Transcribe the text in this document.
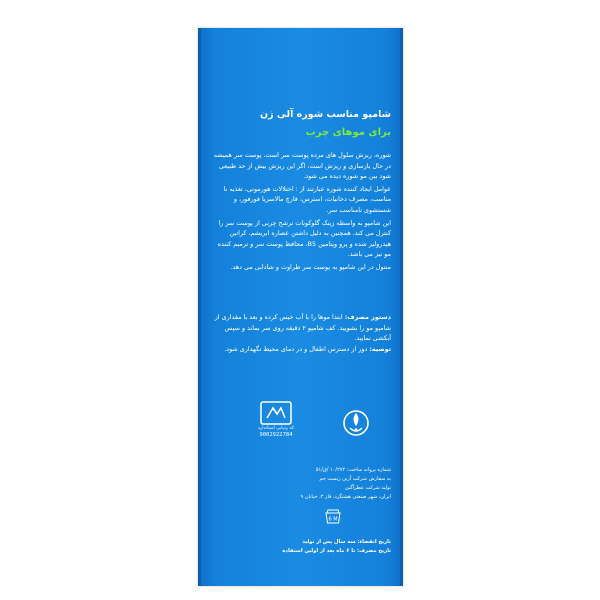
شامپو مناسب شوره آلی ژن
برای موهای چرب

شوره، ریزش سلول های مرده پوست سر است، پوست سر همیشه در حال بازسازی و ریزش است، اگر این ریزش بیش از حد طبیعی شود بین مو شوره دیده می شود.

عوامل ایجاد کننده شوره عبارتند از : اختلالات هورمونی، تغذیه نا مناسب، مصرف دخانیات، استرس، قارچ مالاسزیا فورفور، و شستشوی نامناسب سر.

این شامپو به واسطه زینک گلوکونات ترشح چربی از پوست سر را کنترل می کند، همچنین به دلیل داشتن عصاره ابریشم، کراتین هیدرولیز شده و پرو ویتامین B5، محافظ پوست سر و ترمیم کننده مو نیز می باشد.

منتول در این شامپو به پوست سر طراوت و شادابی می دهد.

دستور مصرف: ابتدا موها را با آب خیس کرده و بعد با مقداری از شامپو مو را بشویید. کف شامپو ۲ دقیقه روی سر بماند و سپس آبکشی نمایید.

توصیه: دور از دسترس اطفال و در دمای محیط نگهداری شود.

کد ردیابی استاندارد
9002922784

شماره پروانه ساخت: ۱۰/۲۷۲ /ق/۵۱

به سفارش شرکت آرین زیست جم

تولید شرکت عطرآگین

ایران، شهر صنعتی هشتگرد، فاز ۲، خیابان ۹

6 M

تاریخ انقضاء: سه سال پس از تولید

تاریخ مصرف: تا ۶ ماه بعد از اولین استفاده
